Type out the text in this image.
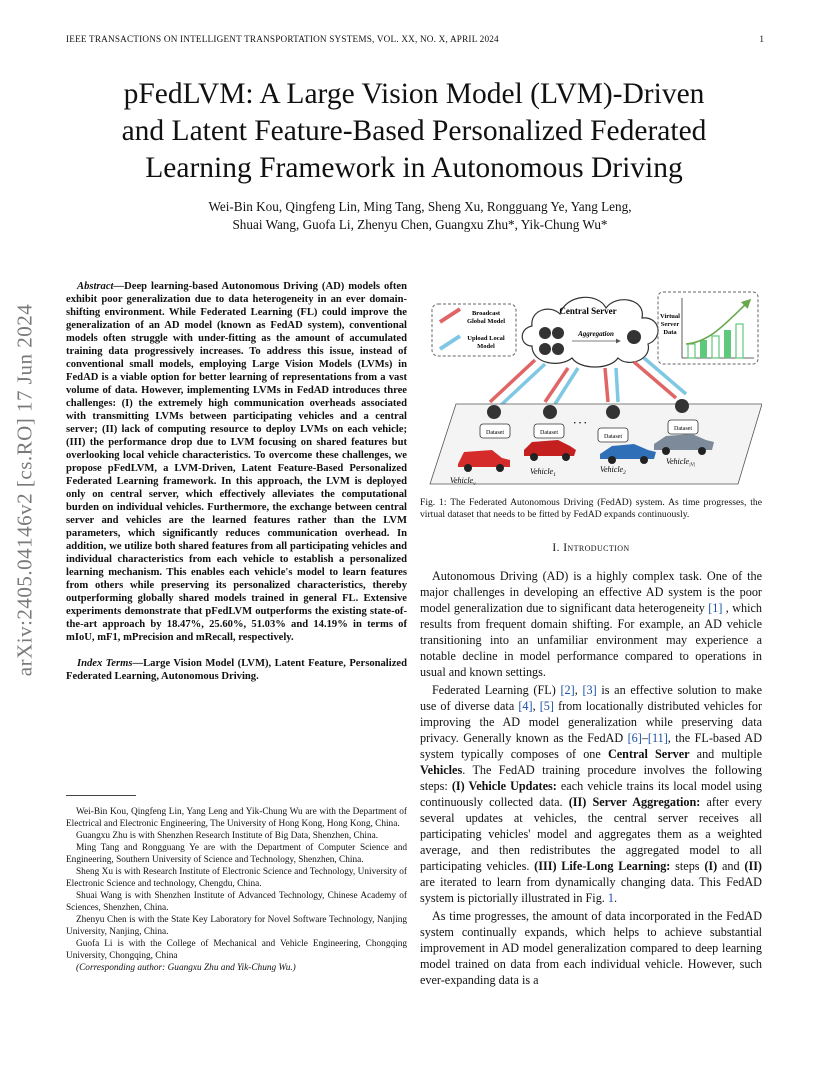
IEEE TRANSACTIONS ON INTELLIGENT TRANSPORTATION SYSTEMS, VOL. XX, NO. X, APRIL 2024	1
arXiv:2405.04146v2 [cs.RO] 17 Jun 2024
pFedLVM: A Large Vision Model (LVM)-Driven
and Latent Feature-Based Personalized Federated
Learning Framework in Autonomous Driving
Wei-Bin Kou, Qingfeng Lin, Ming Tang, Sheng Xu, Rongguang Ye, Yang Leng,
Shuai Wang, Guofa Li, Zhenyu Chen, Guangxu Zhu*, Yik-Chung Wu*

Abstract—Deep learning-based Autonomous Driving (AD) models often exhibit poor generalization due to data heterogeneity in an ever domain-shifting environment. While Federated Learning (FL) could improve the generalization of an AD model (known as FedAD system), conventional models often struggle with under-fitting as the amount of accumulated training data progressively increases. To address this issue, instead of conventional small models, employing Large Vision Models (LVMs) in FedAD is a viable option for better learning of representations from a vast volume of data. However, implementing LVMs in FedAD introduces three challenges: (I) the extremely high communication overheads associated with transmitting LVMs between participating vehicles and a central server; (II) lack of computing resource to deploy LVMs on each vehicle; (III) the performance drop due to LVM focusing on shared features but overlooking local vehicle characteristics. To overcome these challenges, we propose pFedLVM, a LVM-Driven, Latent Feature-Based Personalized Federated Learning framework. In this approach, the LVM is deployed only on central server, which effectively alleviates the computational burden on individual vehicles. Furthermore, the exchange between central server and vehicles are the learned features rather than the LVM parameters, which significantly reduces communication overhead. In addition, we utilize both shared features from all participating vehicles and individual characteristics from each vehicle to establish a personalized learning mechanism. This enables each vehicle's model to learn features from others while preserving its personalized characteristics, thereby outperforming globally shared models trained in general FL. Extensive experiments demonstrate that pFedLVM outperforms the existing state-of-the-art approach by 18.47%, 25.60%, 51.03% and 14.19% in terms of mIoU, mF1, mPrecision and mRecall, respectively.

Index Terms—Large Vision Model (LVM), Latent Feature, Personalized Federated Learning, Autonomous Driving.

Wei-Bin Kou, Qingfeng Lin, Yang Leng and Yik-Chung Wu are with the Department of Electrical and Electronic Engineering, The University of Hong Kong, Hong Kong, China.

Guangxu Zhu is with Shenzhen Research Institute of Big Data, Shenzhen, China.

Ming Tang and Rongguang Ye are with the Department of Computer Science and Engineering, Southern University of Science and Technology, Shenzhen, China.

Sheng Xu is with Research Institute of Electronic Science and Technology, University of Electronic Science and technology, Chengdu, China.

Shuai Wang is with Shenzhen Institute of Advanced Technology, Chinese Academy of Sciences, Shenzhen, China.

Zhenyu Chen is with the State Key Laboratory for Novel Software Technology, Nanjing University, Nanjing, China.

Guofa Li is with the College of Mechanical and Vehicle Engineering, Chongqing University, Chongqing, China

(Corresponding author: Guangxu Zhu and Yik-Chung Wu.)

Broadcast
Global Model
Upload Local
Model
Central Server
Aggregation
Virtual
Server
Data
Dataset	Dataset
· · ·
Dataset
Dataset
Vehicle$_v$
Vehicle$_1$
Vehicle$_2$
Vehicle$_{|V|}$

Fig. 1: The Federated Autonomous Driving (FedAD) system. As time progresses, the virtual dataset that needs to be fitted by FedAD expands continuously.

I. Introduction

Autonomous Driving (AD) is a highly complex task. One of the major challenges in developing an effective AD system is the poor model generalization due to significant data heterogeneity [1] , which results from frequent domain shifting. For example, an AD vehicle transitioning into an unfamiliar environment may experience a notable decline in model performance compared to operations in usual and known settings.

Federated Learning (FL) [2], [3] is an effective solution to make use of diverse data [4], [5] from locationally distributed vehicles for improving the AD model generalization while preserving data privacy. Generally known as the FedAD [6]–[11], the FL-based AD system typically composes of one Central Server and multiple Vehicles. The FedAD training procedure involves the following steps: (I) Vehicle Updates: each vehicle trains its local model using continuously collected data. (II) Server Aggregation: after every several updates at vehicles, the central server receives all participating vehicles' model and aggregates them as a weighted average, and then redistributes the aggregated model to all participating vehicles. (III) Life-Long Learning: steps (I) and (II) are iterated to learn from dynamically changing data. This FedAD system is pictorially illustrated in Fig. 1.

As time progresses, the amount of data incorporated in the FedAD system continually expands, which helps to achieve substantial improvement in AD model generalization compared to deep learning model trained on data from each individual vehicle. However, such ever-expanding data is a
